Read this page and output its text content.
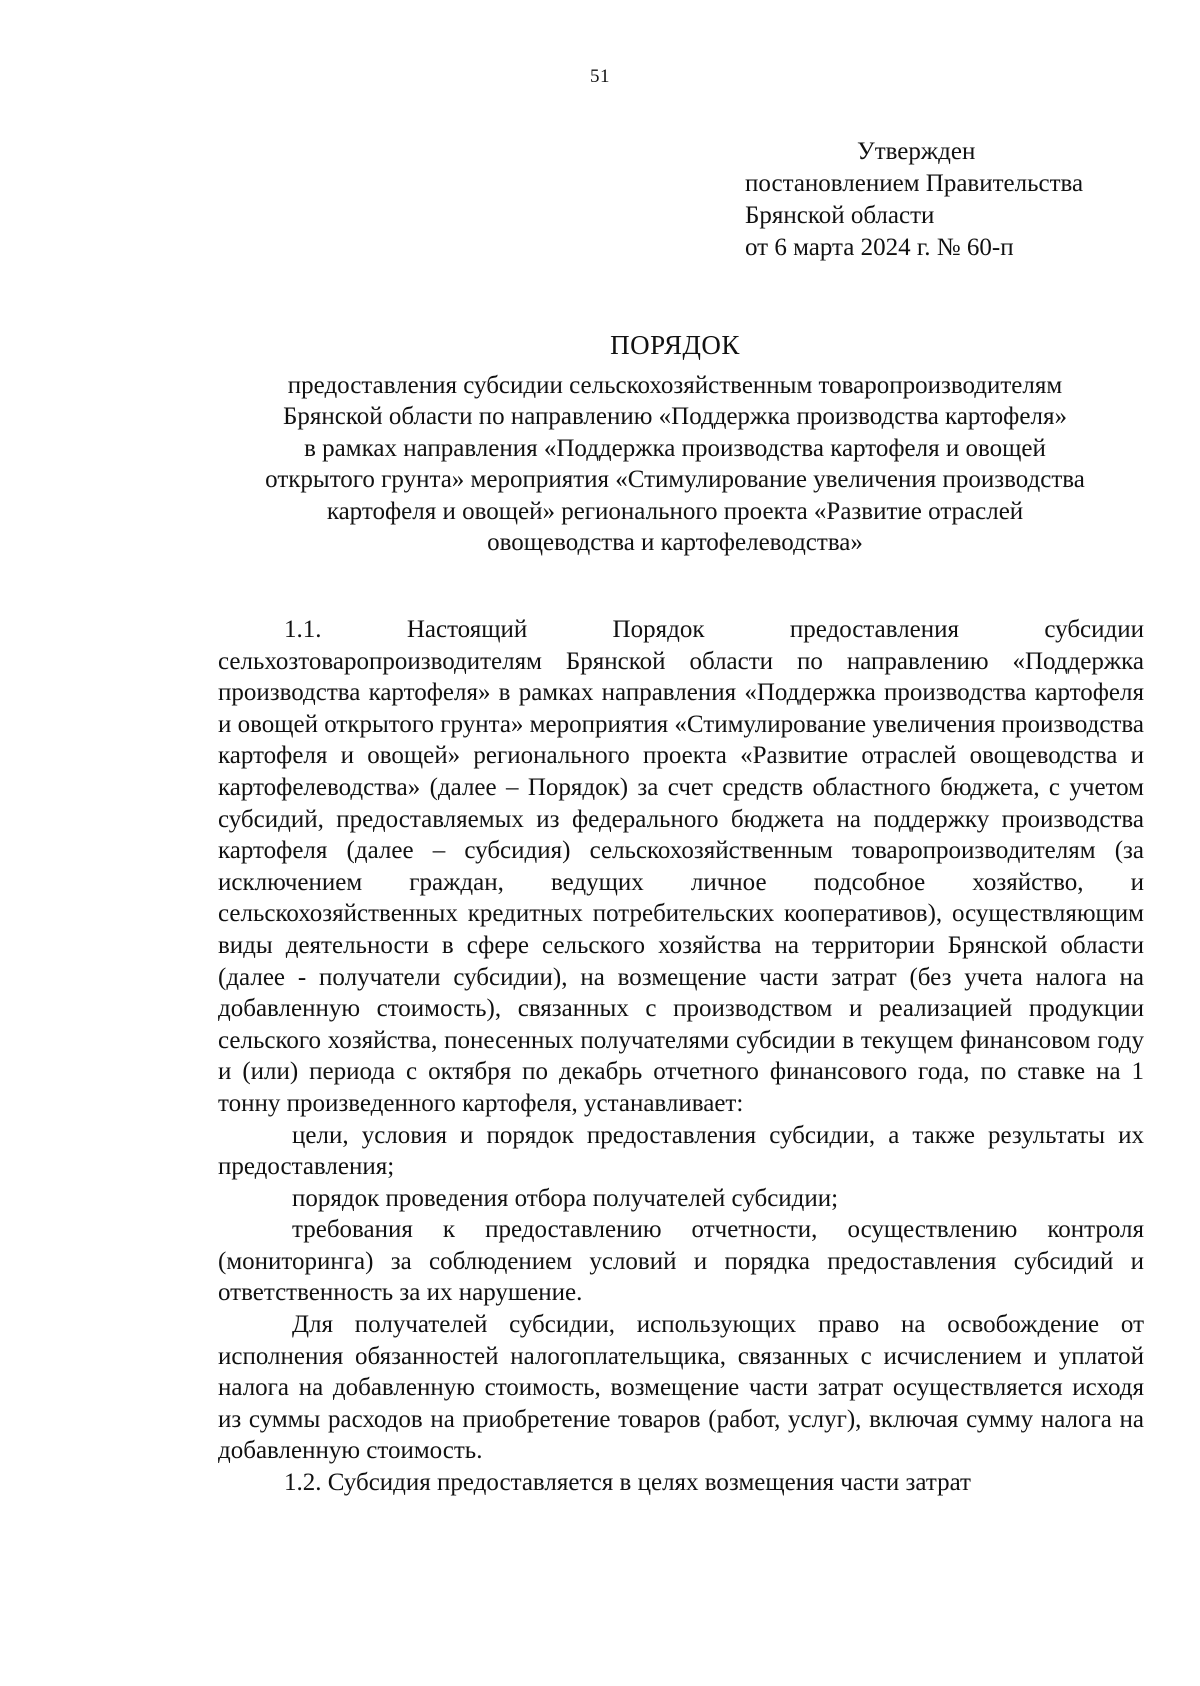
51
Утвержден
постановлением Правительства
Брянской области
от 6 марта 2024 г. № 60-п
ПОРЯДОК
предоставления субсидии сельскохозяйственным товаропроизводителям
Брянской области по направлению «Поддержка производства картофеля»
в рамках направления «Поддержка производства картофеля и овощей
открытого грунта» мероприятия «Стимулирование увеличения производства
картофеля и овощей» регионального проекта «Развитие отраслей
овощеводства и картофелеводства»

1.1. Настоящий Порядок предоставления субсидии сельхозтоваропроизводителям Брянской области по направлению «Поддержка производства картофеля» в рамках направления «Поддержка производства картофеля и овощей открытого грунта» мероприятия «Стимулирование увеличения производства картофеля и овощей» регионального проекта «Развитие отраслей овощеводства и картофелеводства» (далее – Порядок) за счет средств областного бюджета, с учетом субсидий, предоставляемых из федерального бюджета на поддержку производства картофеля (далее – субсидия) сельскохозяйственным товаропроизводителям (за исключением граждан, ведущих личное подсобное хозяйство, и сельскохозяйственных кредитных потребительских кооперативов), осуществляющим виды деятельности в сфере сельского хозяйства на территории Брянской области (далее - получатели субсидии), на возмещение части затрат (без учета налога на добавленную стоимость), связанных с производством и реализацией продукции сельского хозяйства, понесенных получателями субсидии в текущем финансовом году и (или) периода с октября по декабрь отчетного финансового года, по ставке на 1 тонну произведенного картофеля, устанавливает:

цели, условия и порядок предоставления субсидии, а также результаты их предоставления;

порядок проведения отбора получателей субсидии;

требования к предоставлению отчетности, осуществлению контроля (мониторинга) за соблюдением условий и порядка предоставления субсидий и ответственность за их нарушение.

Для получателей субсидии, использующих право на освобождение от исполнения обязанностей налогоплательщика, связанных с исчислением и уплатой налога на добавленную стоимость, возмещение части затрат осуществляется исходя из суммы расходов на приобретение товаров (работ, услуг), включая сумму налога на добавленную стоимость.

1.2. Субсидия предоставляется в целях возмещения части затрат
